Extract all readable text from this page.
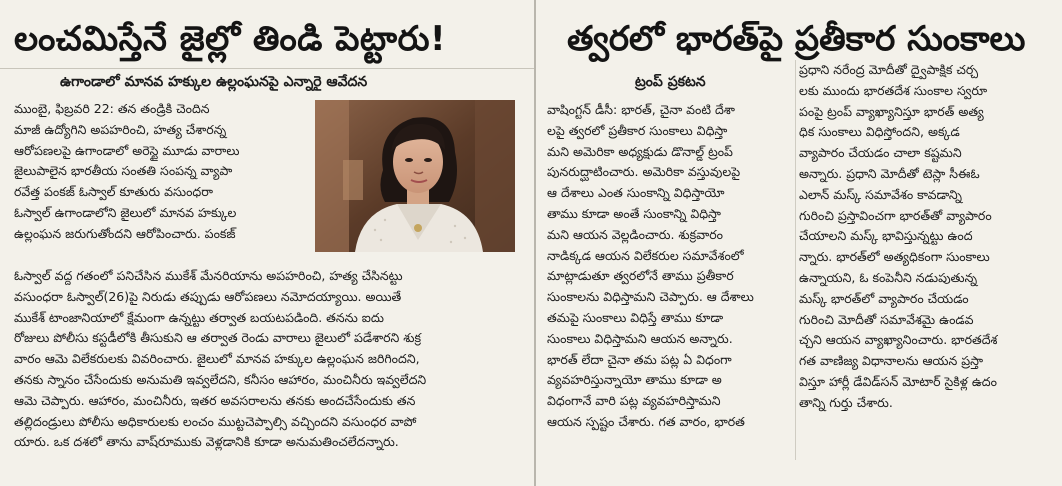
లంచమిస్తేనే జైల్లో తిండి పెట్టారు!
ఉగాండాలో మానవ హక్కుల ఉల్లంఘనపై ఎన్నారై ఆవేదన

ముంబై, ఫిబ్రవరి 22: తన తండ్రికి చెందిన

మాజీ ఉద్యోగిని అపహరించి, హత్య చేశారన్న

ఆరోపణలపై ఉగాండాలో అరెస్టై మూడు వారాలు

జైలుపాలైన భారతీయ సంతతి సంపన్న వ్యాపా

రవేత్త పంకజ్ ఓస్వాల్ కూతురు వసుంధరా

ఓస్వాల్ ఉగాండాలోని జైలులో మానవ హక్కుల

ఉల్లంఘన జరుగుతోందని ఆరోపించారు. పంకజ్

ఓస్వాల్ వద్ద గతంలో పనిచేసిన ముకేశ్ మేనరియాను అపహరించి, హత్య చేసినట్టు

వసుంధరా ఓస్వాల్(26)పై నిరుడు తప్పుడు ఆరోపణలు నమోదయ్యాయి. అయితే

ముకేశ్ టాంజానియాలో క్షేమంగా ఉన్నట్టు తర్వాత బయటపడింది. తనను ఐదు

రోజులు పోలీసు కస్టడీలోకి తీసుకుని ఆ తర్వాత రెండు వారాలు జైలులో పడేశారని శుక్ర

వారం ఆమె విలేకరులకు వివరించారు. జైలులో మానవ హక్కుల ఉల్లంఘన జరిగిందని,

తనకు స్నానం చేసేందుకు అనుమతి ఇవ్వలేదని, కనీసం ఆహారం, మంచినీరు ఇవ్వలేదని

ఆమె చెప్పారు. ఆహారం, మంచినీరు, ఇతర అవసరాలను తనకు అందచేసేందుకు తన

తల్లిదండ్రులు పోలీసు అధికారులకు లంచం ముట్టచెప్పాల్సి వచ్చిందని వసుంధర వాపో

యారు. ఒక దశలో తాను వాష్‌రూముకు వెళ్లడానికి కూడా అనుమతించలేదన్నారు.

త్వరలో భారత్‌పై ప్రతీకార సుంకాలు
ట్రంప్ ప్రకటన

వాషింగ్టన్ డీసీ: భారత్, చైనా వంటి దేశా

లపై త్వరలో ప్రతీకార సుంకాలు విధిస్తా

మని అమెరికా అధ్యక్షుడు డొనాల్డ్ ట్రంప్

పునరుద్ఘాటించారు. అమెరికా వస్తువులపై

ఆ దేశాలు ఎంత సుంకాన్ని విధిస్తాయో

తాము కూడా అంతే సుంకాన్ని విధిస్తా

మని ఆయన వెల్లడించారు. శుక్రవారం

నాడిక్కడ ఆయన విలేకరుల సమావేశంలో

మాట్లాడుతూ త్వరలోనే తాము ప్రతీకార

సుంకాలను విధిస్తామని చెప్పారు. ఆ దేశాలు

తమపై సుంకాలు విధిస్తే తాము కూడా

సుంకాలు విధిస్తామని ఆయన అన్నారు.

భారత్ లేదా చైనా తమ పట్ల ఏ విధంగా

వ్యవహరిస్తున్నాయో తాము కూడా అ

విధంగానే వారి పట్ల వ్యవహరిస్తామని

ఆయన స్పష్టం చేశారు. గత వారం, భారత

ప్రధాని నరేంద్ర మోదీతో ద్వైపాక్షిక చర్చ

లకు ముందు భారతదేశ సుంకాల స్వరూ

పంపై ట్రంప్ వ్యాఖ్యానిస్తూ భారత్ అత్య

ధిక సుంకాలు విధిస్తోందని, అక్కడ

వ్యాపారం చేయడం చాలా కష్టమని

అన్నారు. ప్రధాని మోదీతో టెస్లా సీఈఓ

ఎలాన్ మస్క్ సమావేశం కావడాన్ని

గురించి ప్రస్తావించగా భారత్‌తో వ్యాపారం

చేయాలని మస్క్ భావిస్తున్నట్టు ఉంద

న్నారు. భారత్‌లో అత్యధికంగా సుంకాలు

ఉన్నాయని, ఓ కంపెనీని నడుపుతున్న

మస్క్ భారత్‌లో వ్యాపారం చేయడం

గురించి మోదీతో సమావేశమై ఉండవ

చ్చని ఆయన వ్యాఖ్యానించారు. భారతదేశ

గత వాణిజ్య విధానాలను ఆయన ప్రస్తా

విస్తూ హార్లీ డేవిడ్‌సన్ మోటార్ సైకిళ్ల ఉదం

తాన్ని గుర్తు చేశారు.
